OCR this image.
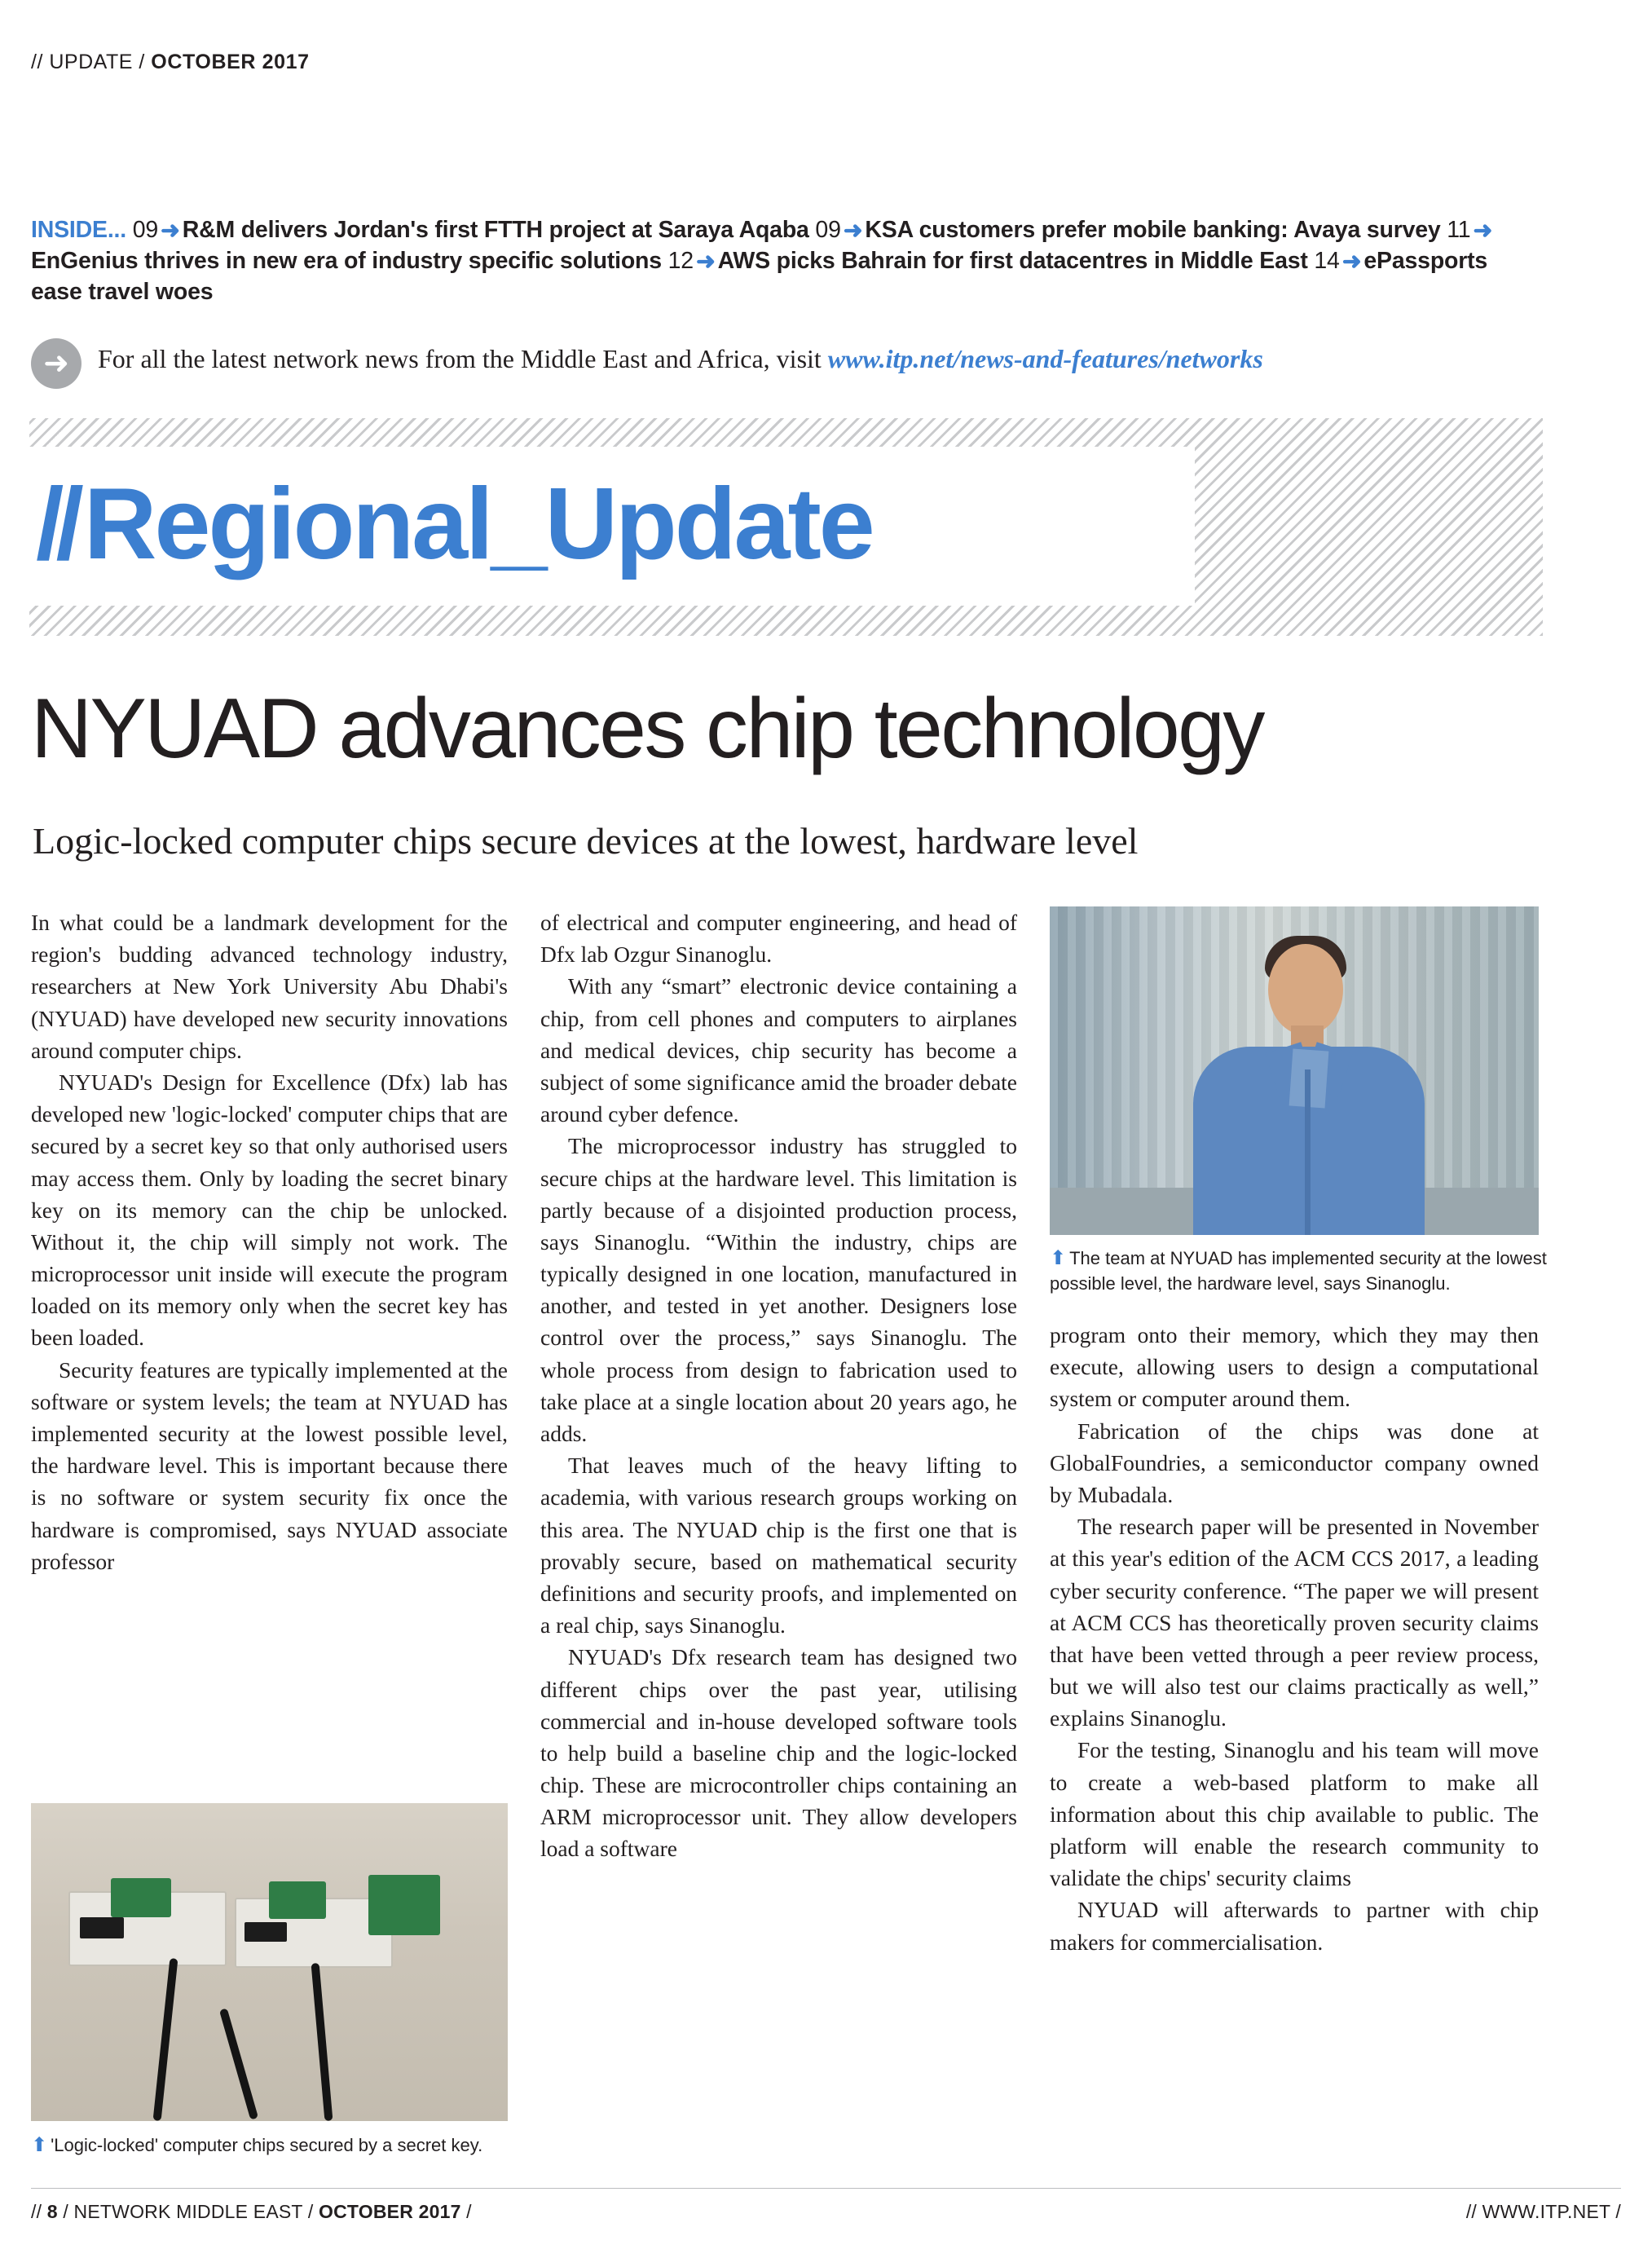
// UPDATE / OCTOBER 2017
INSIDE... 09 ➜ R&M delivers Jordan's first FTTH project at Saraya Aqaba 09 ➜ KSA customers prefer mobile banking: Avaya survey 11 ➜EnGenius thrives in new era of industry specific solutions 12 ➜ AWS picks Bahrain for first datacentres in Middle East 14 ➜ ePassports ease travel woes
➜	For all the latest network news from the Middle East and Africa, visit www.itp.net/news-and-features/networks
//Regional_Update
NYUAD advances chip technology
Logic-locked computer chips secure devices at the lowest, hardware level

In what could be a landmark development for the region's budding advanced technology industry, researchers at New York University Abu Dhabi's (NYUAD) have developed new security innovations around computer chips.

NYUAD's Design for Excellence (Dfx) lab has developed new 'logic-locked' computer chips that are secured by a secret key so that only authorised users may access them. Only by loading the secret binary key on its memory can the chip be unlocked. Without it, the chip will simply not work. The microprocessor unit inside will execute the program loaded on its memory only when the secret key has been loaded.

Security features are typically implemented at the software or system levels; the team at NYUAD has implemented security at the lowest possible level, the hardware level. This is important because there is no software or system security fix once the hardware is compromised, says NYUAD associate professor

of electrical and computer engineering, and head of Dfx lab Ozgur Sinanoglu.

With any “smart” electronic device containing a chip, from cell phones and computers to airplanes and medical devices, chip security has become a subject of some significance amid the broader debate around cyber defence.

The microprocessor industry has struggled to secure chips at the hardware level. This limitation is partly because of a disjointed production process, says Sinanoglu. “Within the industry, chips are typically designed in one location, manufactured in another, and tested in yet another. Designers lose control over the process,” says Sinanoglu. The whole process from design to fabrication used to take place at a single location about 20 years ago, he adds.

That leaves much of the heavy lifting to academia, with various research groups working on this area. The NYUAD chip is the first one that is provably secure, based on mathematical security definitions and security proofs, and implemented on a real chip, says Sinanoglu.

NYUAD's Dfx research team has designed two different chips over the past year, utilising commercial and in-house developed software tools to help build a baseline chip and the logic-locked chip. These are microcontroller chips containing an ARM microprocessor unit. They allow developers load a software

⬆ The team at NYUAD has implemented security at the lowest possible level, the hardware level, says Sinanoglu.

program onto their memory, which they may then execute, allowing users to design a computational system or computer around them.

Fabrication of the chips was done at GlobalFoundries, a semiconductor company owned by Mubadala.

The research paper will be presented in November at this year's edition of the ACM CCS 2017, a leading cyber security conference. “The paper we will present at ACM CCS has theoretically proven security claims that have been vetted through a peer review process, but we will also test our claims practically as well,” explains Sinanoglu.

For the testing, Sinanoglu and his team will move to create a web-based platform to make all information about this chip available to public. The platform will enable the research community to validate the chips' security claims

NYUAD will afterwards to partner with chip makers for commercialisation.

⬆ 'Logic-locked' computer chips secured by a secret key.
// 8 / NETWORK MIDDLE EAST / OCTOBER 2017 /	// WWW.ITP.NET /
